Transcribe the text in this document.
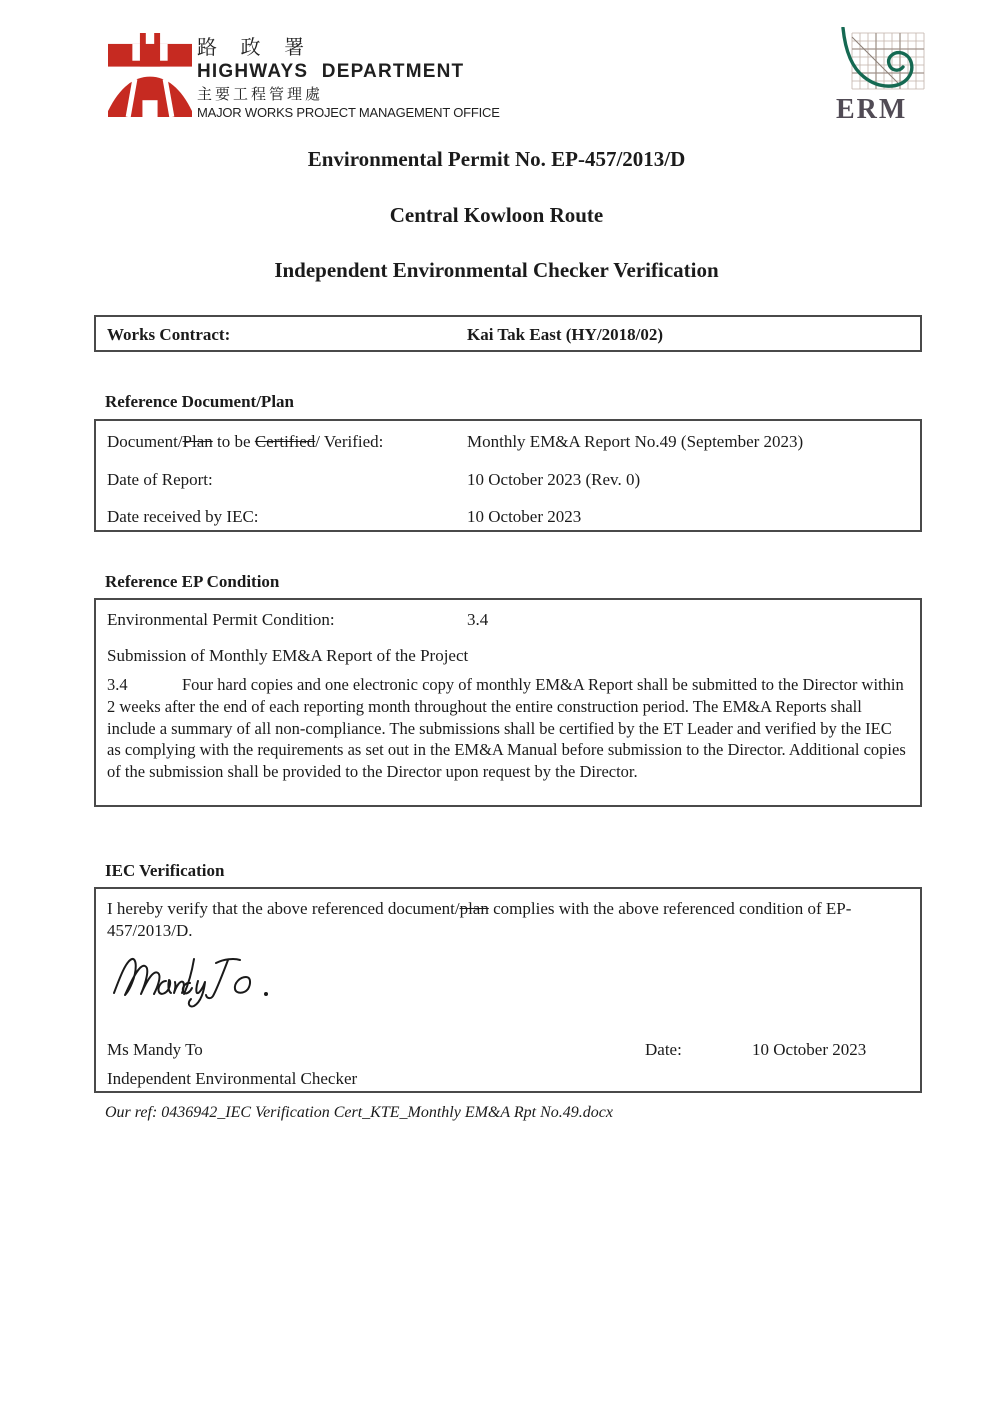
路 政 署
HIGHWAYS DEPARTMENT
主要工程管理處
MAJOR WORKS PROJECT MANAGEMENT OFFICE	ERM
Environmental Permit No. EP-457/2013/D
Central Kowloon Route
Independent Environmental Checker Verification
Works Contract:	Kai Tak East (HY/2018/02)
Reference Document/Plan
Document/Plan to be Certified/ Verified:	Monthly EM&A Report No.49 (September 2023)
Date of Report:	10 October 2023 (Rev. 0)
Date received by IEC:	10 October 2023
Reference EP Condition
Environmental Permit Condition:	3.4
Submission of Monthly EM&A Report of the Project
3.4	Four hard copies and one electronic copy of monthly EM&A Report shall be submitted to the Director within 2 weeks after the end of each reporting month throughout the entire construction period. The EM&A Reports shall include a summary of all non-compliance. The submissions shall be certified by the ET Leader and verified by the IEC as complying with the requirements as set out in the EM&A Manual before submission to the Director. Additional copies of the submission shall be provided to the Director upon request by the Director.
IEC Verification
I hereby verify that the above referenced document/plan complies with the above referenced condition of EP-457/2013/D.
Ms Mandy To	Date:	10 October 2023
Independent Environmental Checker
Our ref: 0436942_IEC Verification Cert_KTE_Monthly EM&A Rpt No.49.docx
